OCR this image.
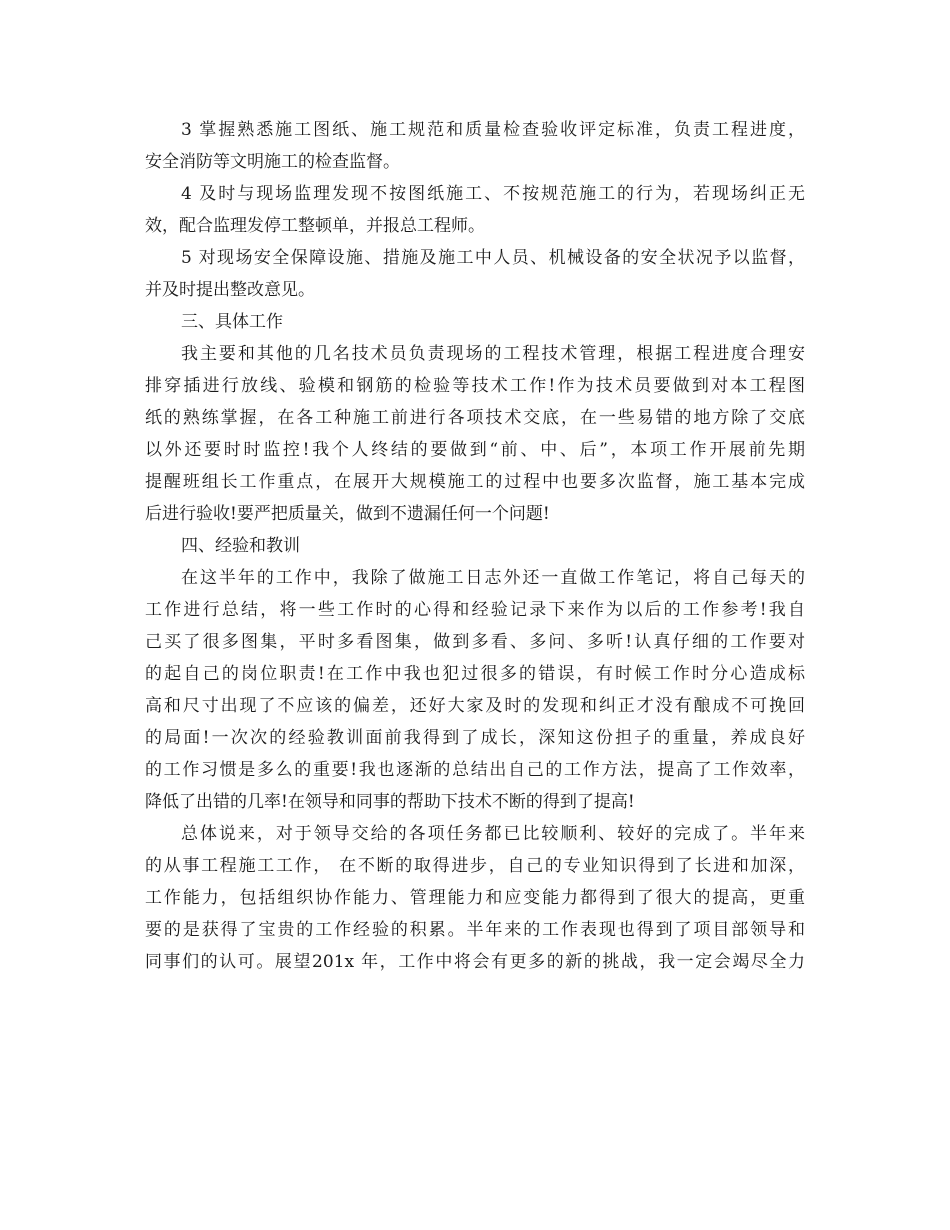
3 掌握熟悉施工图纸、施工规范和质量检查验收评定标准，负责工程进度，
安全消防等文明施工的检查监督。
4 及时与现场监理发现不按图纸施工、不按规范施工的行为，若现场纠正无
效，配合监理发停工整顿单，并报总工程师。
5 对现场安全保障设施、措施及施工中人员、机械设备的安全状况予以监督，
并及时提出整改意见。
三、具体工作
我主要和其他的几名技术员负责现场的工程技术管理，根据工程进度合理安
排穿插进行放线、验模和钢筋的检验等技术工作!作为技术员要做到对本工程图
纸的熟练掌握，在各工种施工前进行各项技术交底，在一些易错的地方除了交底
以外还要时时监控!我个人终结的要做到“前、中、后”，本项工作开展前先期
提醒班组长工作重点，在展开大规模施工的过程中也要多次监督，施工基本完成
后进行验收!要严把质量关，做到不遗漏任何一个问题!
四、经验和教训
在这半年的工作中，我除了做施工日志外还一直做工作笔记，将自己每天的
工作进行总结，将一些工作时的心得和经验记录下来作为以后的工作参考!我自
己买了很多图集，平时多看图集，做到多看、多问、多听!认真仔细的工作要对
的起自己的岗位职责!在工作中我也犯过很多的错误，有时候工作时分心造成标
高和尺寸出现了不应该的偏差，还好大家及时的发现和纠正才没有酿成不可挽回
的局面!一次次的经验教训面前我得到了成长，深知这份担子的重量，养成良好
的工作习惯是多么的重要!我也逐渐的总结出自己的工作方法，提高了工作效率，
降低了出错的几率!在领导和同事的帮助下技术不断的得到了提高!
总体说来，对于领导交给的各项任务都已比较顺利、较好的完成了。半年来
的从事工程施工工作， 在不断的取得进步，自己的专业知识得到了长进和加深，
工作能力，包括组织协作能力、管理能力和应变能力都得到了很大的提高，更重
要的是获得了宝贵的工作经验的积累。半年来的工作表现也得到了项目部领导和
同事们的认可。展望201x 年，工作中将会有更多的新的挑战，我一定会竭尽全力
